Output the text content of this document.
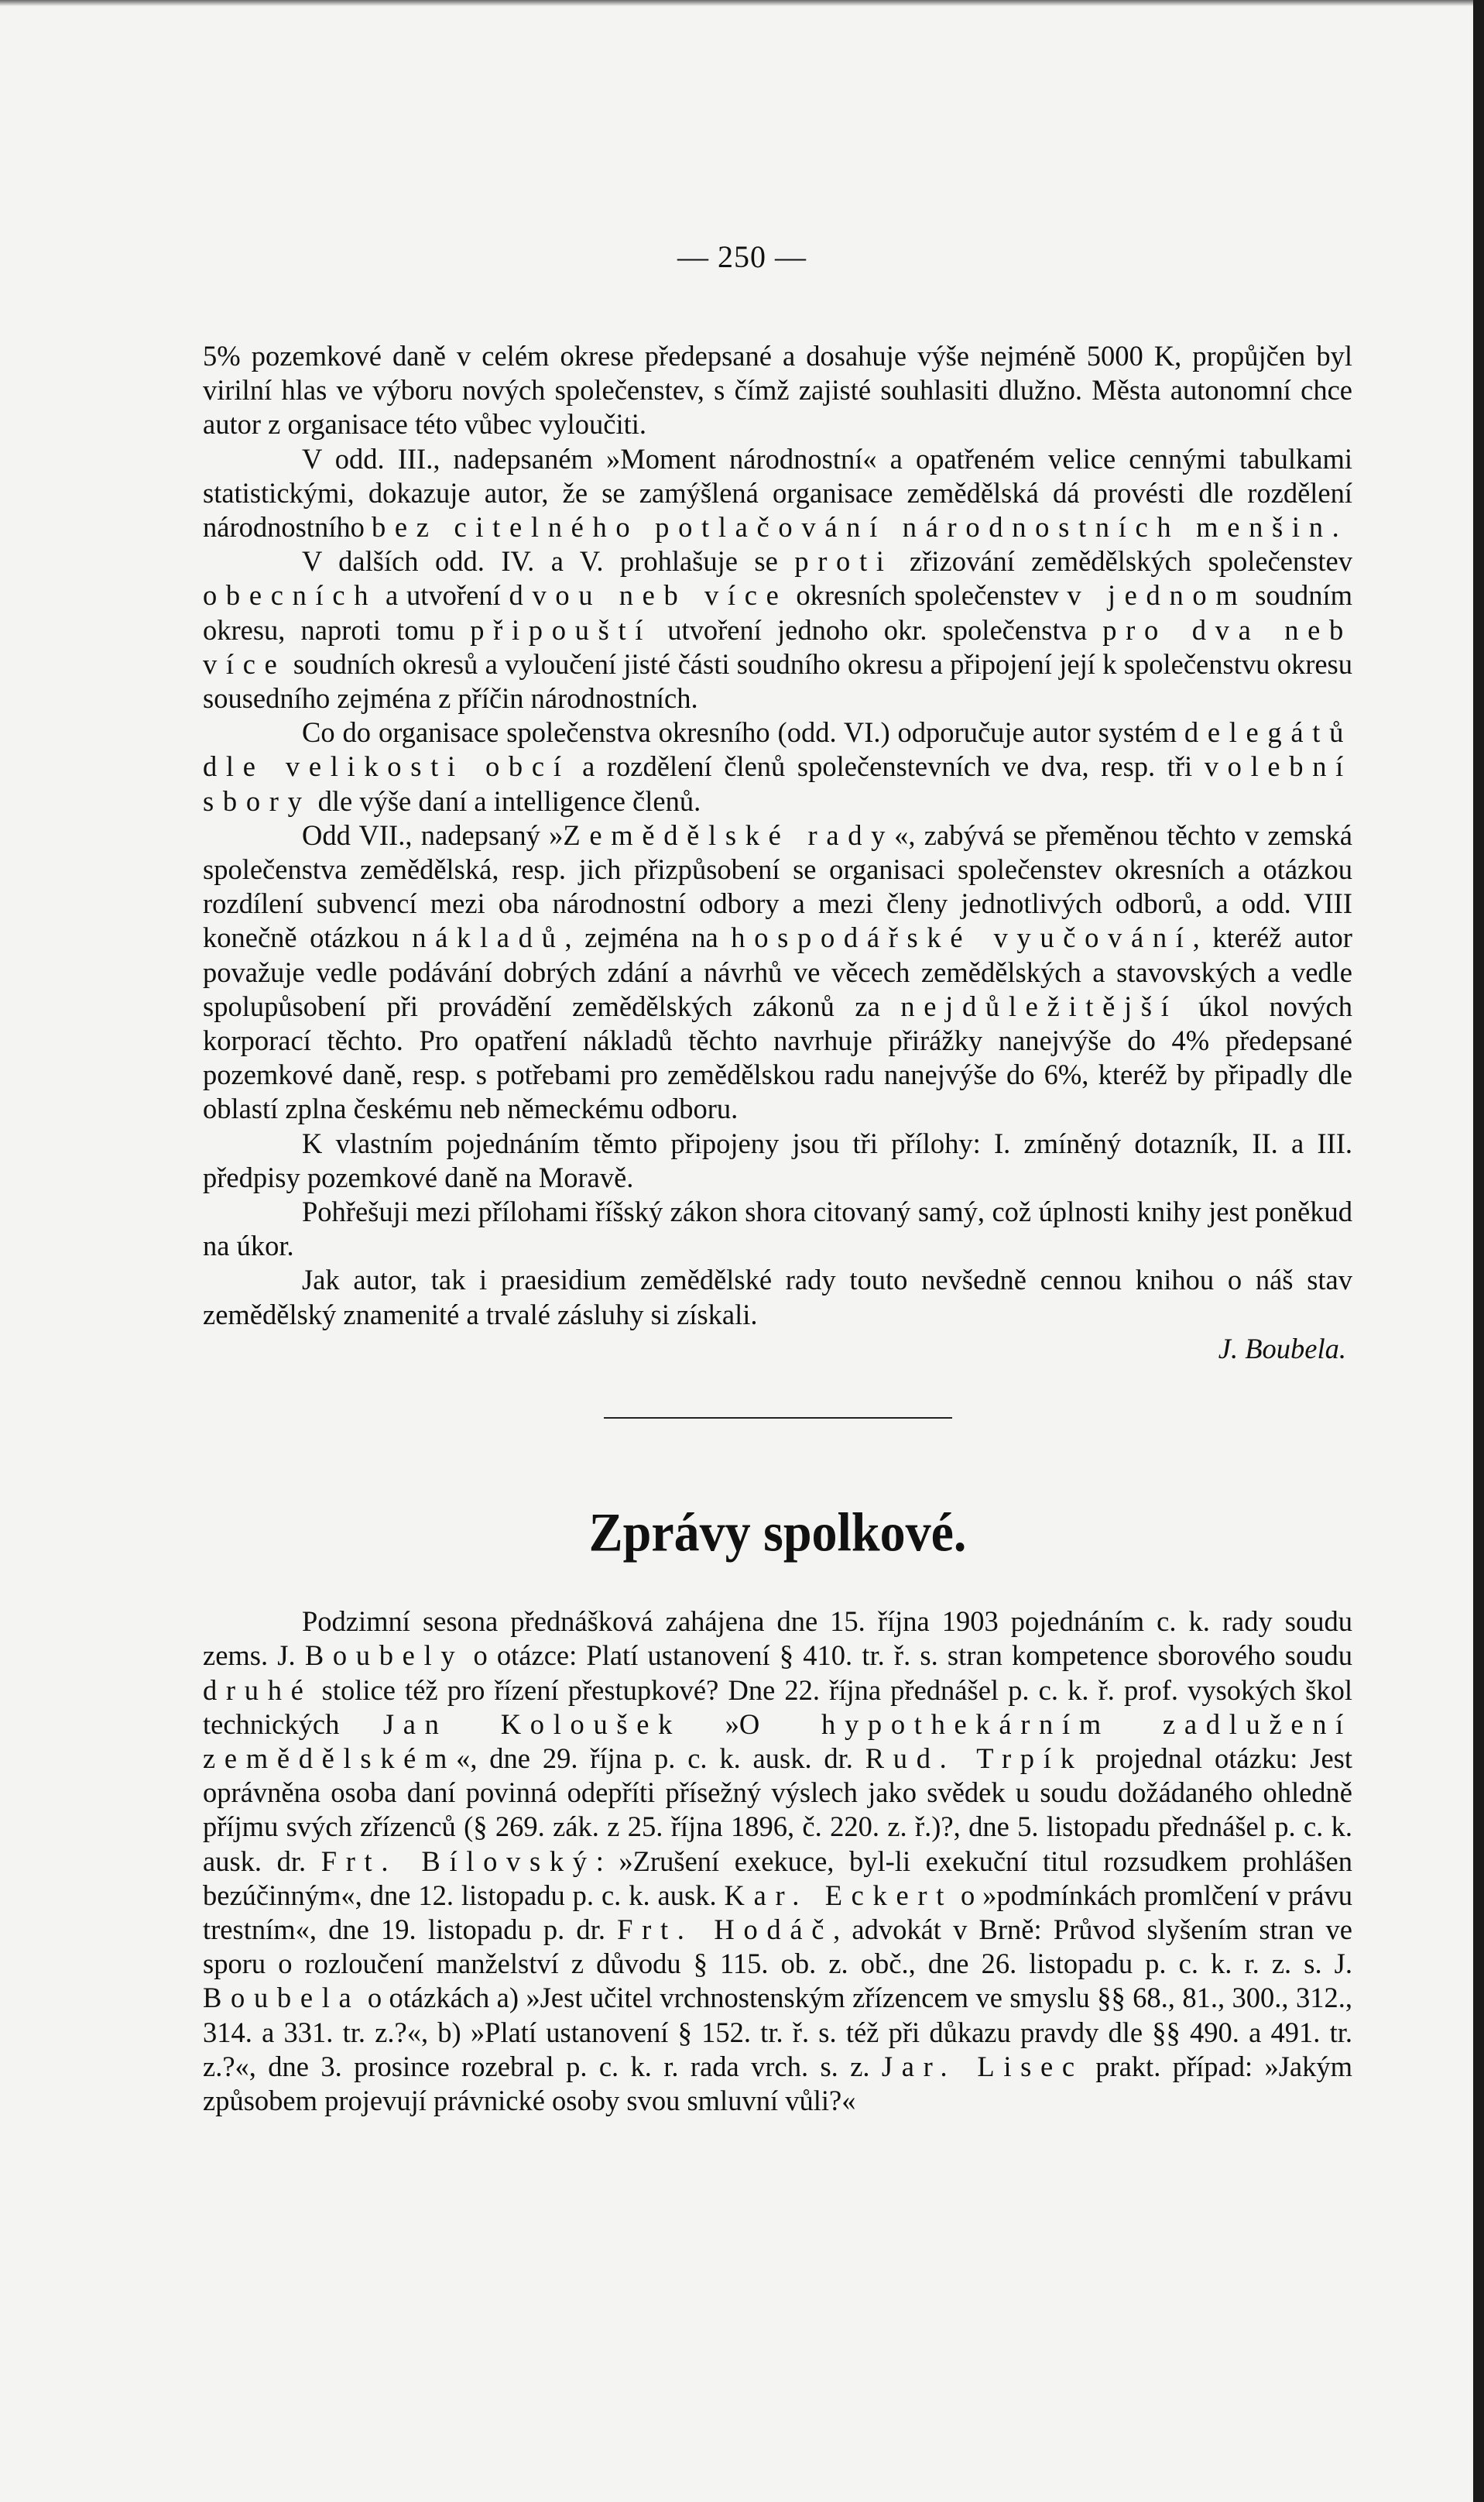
— 250 —

5% pozemkové daně v celém okrese předepsané a dosahuje výše nejméně 5000 K, propůjčen byl virilní hlas ve výboru nových společenstev, s čímž zajisté souhlasiti dlužno. Města autonomní chce autor z organisace této vůbec vyloučiti.

V odd. III., nadepsaném »Moment národnostní« a opatřeném velice cennými tabulkami statistickými, dokazuje autor, že se zamýšlená organisace zemědělská dá provésti dle rozdělení národnostního bez citelného potlačování národnostních menšin.

V dalších odd. IV. a V. prohlašuje se proti zřizování zemědělských společenstev obecních a utvoření dvou neb více okresních společenstev v jednom soudním okresu, naproti tomu připouští utvoření jednoho okr. společenstva pro dva neb více soudních okresů a vyloučení jisté části soudního okresu a připojení její k společenstvu okresu sousedního zejména z příčin národnostních.

Co do organisace společenstva okresního (odd. VI.) odporučuje autor systém delegátů dle velikosti obcí a rozdělení členů společenstevních ve dva, resp. tři volební sbory dle výše daní a intelligence členů.

Odd VII., nadepsaný »Zemědělské rady«, zabývá se přeměnou těchto v zemská společenstva zemědělská, resp. jich přizpůsobení se organisaci společenstev okresních a otázkou rozdílení subvencí mezi oba národnostní odbory a mezi členy jednotlivých odborů, a odd. VIII konečně otázkou nákladů, zejména na hospodářské vyučování, kteréž autor považuje vedle podávání dobrých zdání a návrhů ve věcech zemědělských a stavovských a vedle spolupůsobení při provádění zemědělských zákonů za nejdůležitější úkol nových korporací těchto. Pro opatření nákladů těchto navrhuje přirážky nanejvýše do 4% předepsané pozemkové daně, resp. s potřebami pro zemědělskou radu nanejvýše do 6%, kteréž by připadly dle oblastí zplna českému neb německému odboru.

K vlastním pojednáním těmto připojeny jsou tři přílohy: I. zmíněný dotazník, II. a III. předpisy pozemkové daně na Moravě.

Pohřešuji mezi přílohami říšský zákon shora citovaný samý, což úplnosti knihy jest poněkud na úkor.

Jak autor, tak i praesidium zemědělské rady touto nevšedně cennou knihou o náš stav zemědělský znamenité a trvalé zásluhy si získali.

J. Boubela.

Zprávy spolkové.

Podzimní sesona přednášková zahájena dne 15. října 1903 pojednáním c. k. rady soudu zems. J. Boubely o otázce: Platí ustanovení § 410. tr. ř. s. stran kompetence sborového soudu druhé stolice též pro řízení přestupkové? Dne 22. října přednášel p. c. k. ř. prof. vysokých škol technických Jan Koloušek »O hypothekárním zadlužení zemědělském«, dne 29. října p. c. k. ausk. dr. Rud. Trpík projednal otázku: Jest oprávněna osoba daní povinná odepříti přísežný výslech jako svědek u soudu dožádaného ohledně příjmu svých zřízenců (§ 269. zák. z 25. října 1896, č. 220. z. ř.)?, dne 5. listopadu přednášel p. c. k. ausk. dr. Frt. Bílovský: »Zrušení exekuce, byl-li exekuční titul rozsudkem prohlášen bezúčinným«, dne 12. listopadu p. c. k. ausk. Kar. Eckert o »podmínkách promlčení v právu trestním«, dne 19. listopadu p. dr. Frt. Hodáč, advokát v Brně: Průvod slyšením stran ve sporu o rozloučení manželství z důvodu § 115. ob. z. obč., dne 26. listopadu p. c. k. r. z. s. J. Boubela o otázkách a) »Jest učitel vrchnostenským zřízencem ve smyslu §§ 68., 81., 300., 312., 314. a 331. tr. z.?«, b) »Platí ustanovení § 152. tr. ř. s. též při důkazu pravdy dle §§ 490. a 491. tr. z.?«, dne 3. prosince rozebral p. c. k. r. rada vrch. s. z. Jar. Lisec prakt. případ: »Jakým způsobem projevují právnické osoby svou smluvní vůli?«
